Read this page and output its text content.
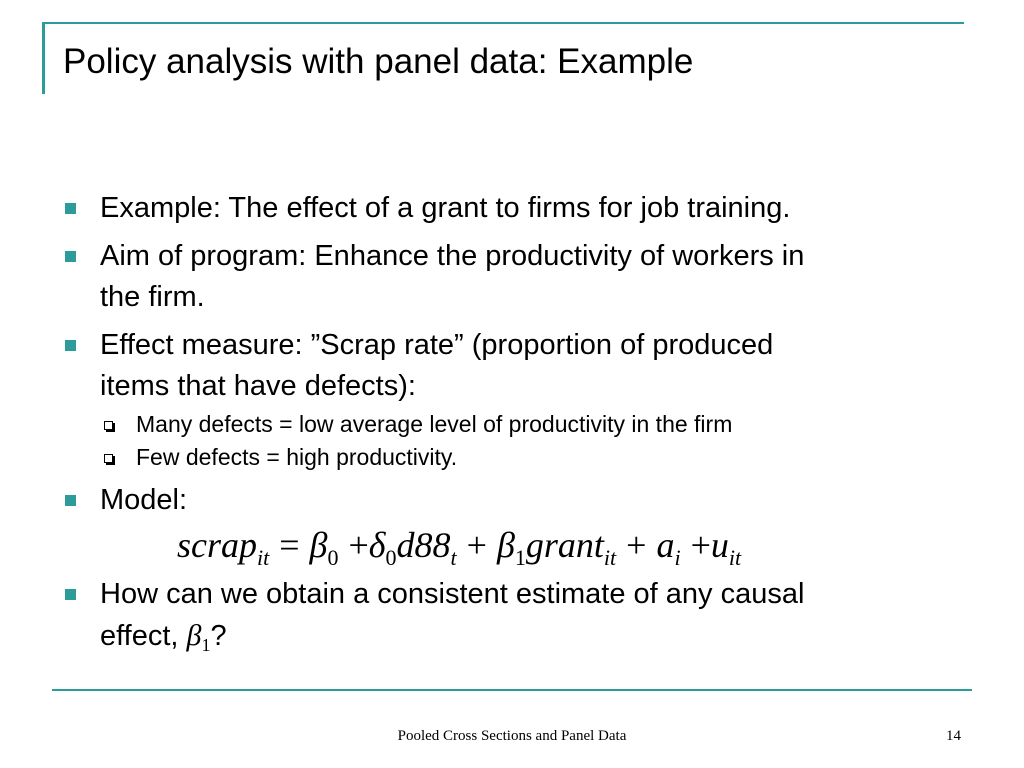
Policy analysis with panel data: Example
Example: The effect of a grant to firms for job training.
Aim of program: Enhance the productivity of workers in
the firm.
Effect measure: ”Scrap rate” (proportion of produced
items that have defects):
Many defects = low average level of productivity in the firm
Few defects = high productivity.
Model:
scrap$_{it}$ = $\beta_0 +\delta_0d88_t$ + $\beta_1grant_{it} + a_i +u_{it}$
How can we obtain a consistent estimate of any causal
effect, $\beta_1$?
Pooled Cross Sections and Panel Data	14
